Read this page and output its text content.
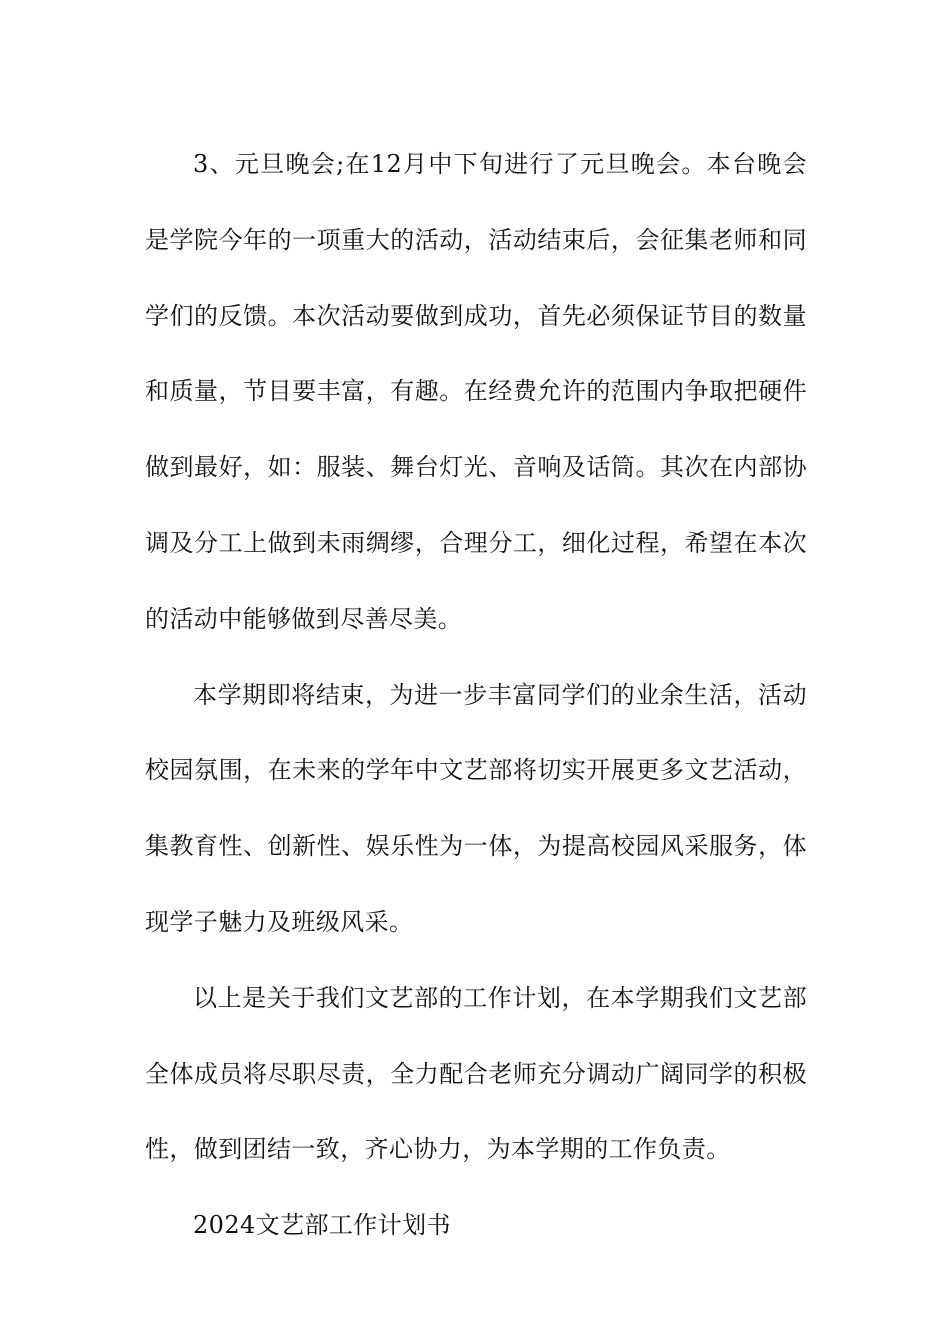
3、元旦晚会;在12月中下旬进行了元旦晚会。本台晚会是学院今年的一项重大的活动，活动结束后，会征集老师和同学们的反馈。本次活动要做到成功，首先必须保证节目的数量和质量，节目要丰富，有趣。在经费允许的范围内争取把硬件做到最好，如：服装、舞台灯光、音响及话筒。其次在内部协调及分工上做到未雨绸缪，合理分工，细化过程，希望在本次的活动中能够做到尽善尽美。

本学期即将结束，为进一步丰富同学们的业余生活，活动校园氛围，在未来的学年中文艺部将切实开展更多文艺活动，集教育性、创新性、娱乐性为一体，为提高校园风采服务，体现学子魅力及班级风采。

以上是关于我们文艺部的工作计划，在本学期我们文艺部全体成员将尽职尽责，全力配合老师充分调动广阔同学的积极性，做到团结一致，齐心协力，为本学期的工作负责。

2024文艺部工作计划书
